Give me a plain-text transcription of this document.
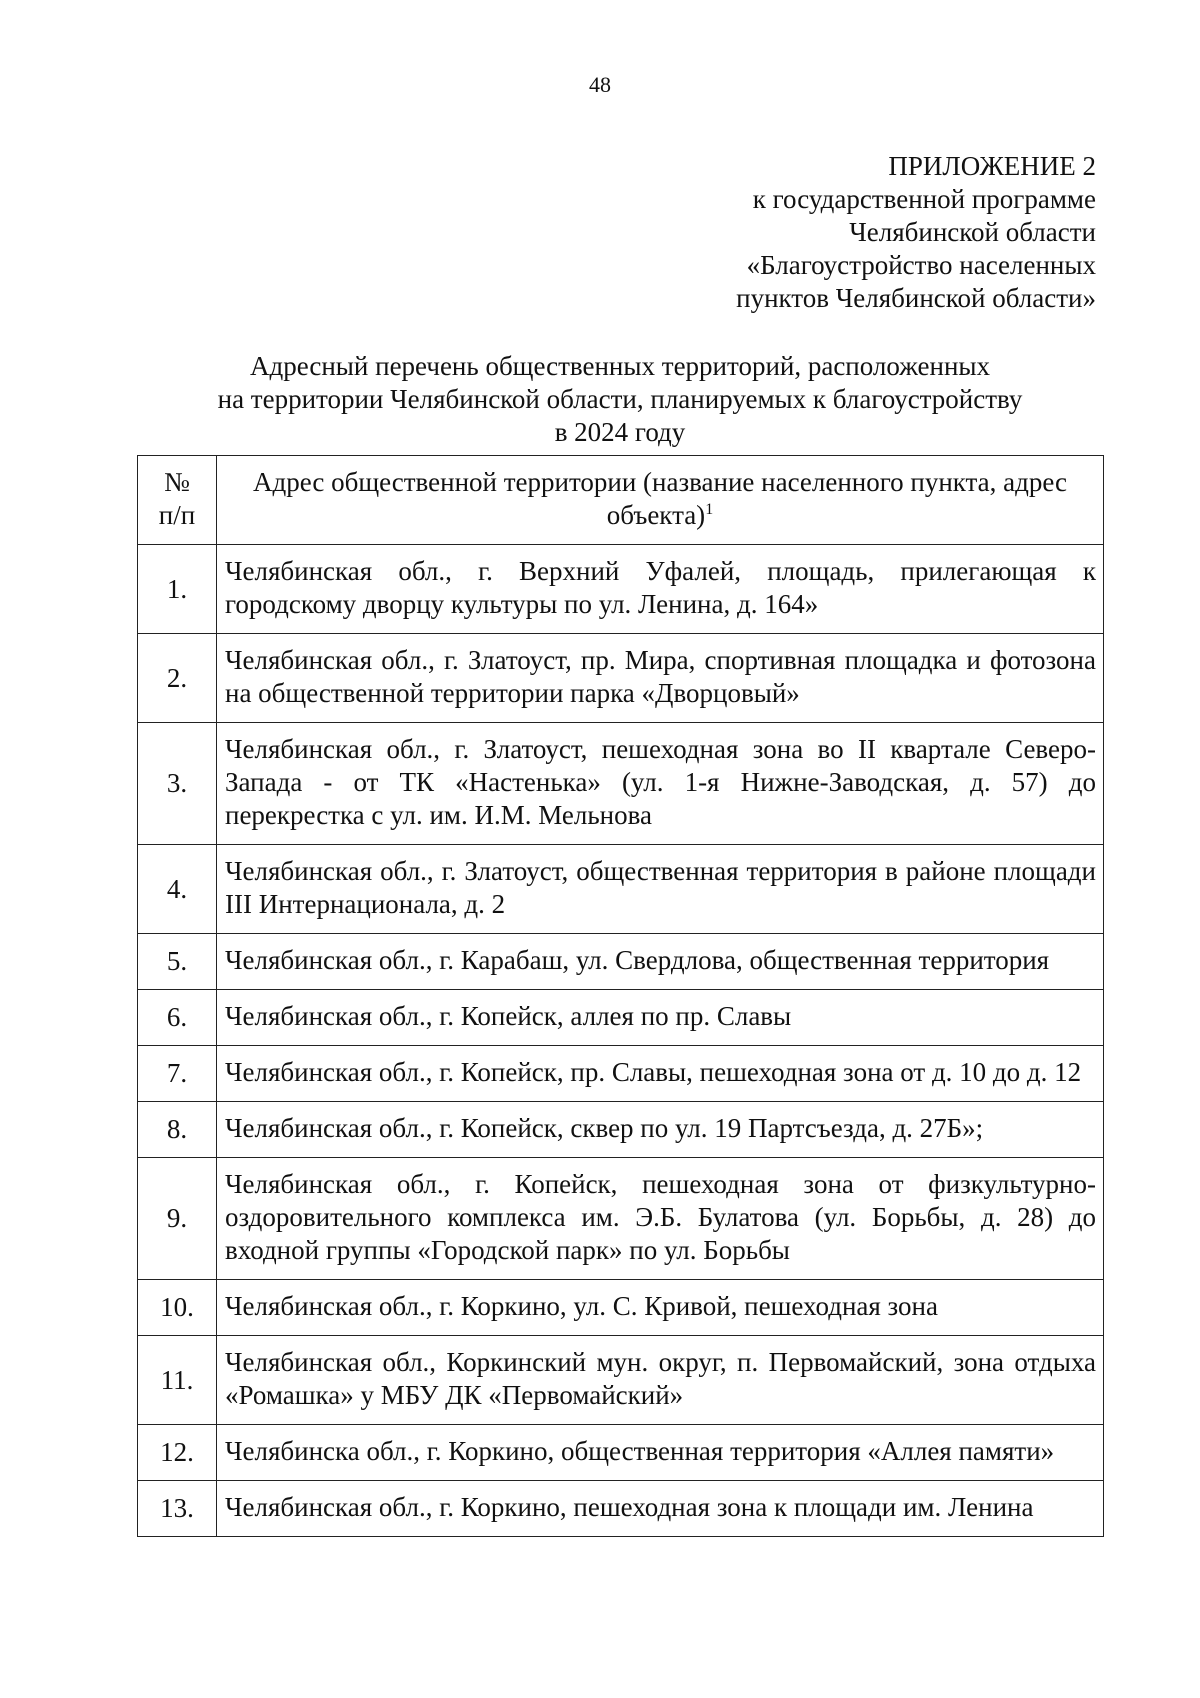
48
ПРИЛОЖЕНИЕ 2
к государственной программе
Челябинской области
«Благоустройство населенных
пунктов Челябинской области»
Адресный перечень общественных территорий, расположенных
на территории Челябинской области, планируемых к благоустройству
в 2024 году
№
п/п	Адрес общественной территории (название населенного пункта, адрес объекта)$^1$
1.	Челябинская обл., г. Верхний Уфалей, площадь, прилегающая к городскому дворцу культуры по ул. Ленина, д. 164»
2.	Челябинская обл., г. Златоуст, пр. Мира, спортивная площадка и фотозона на общественной территории парка «Дворцовый»
3.	Челябинская обл., г. Златоуст, пешеходная зона во II квартале Северо-Запада - от ТК «Настенька» (ул. 1-я Нижне-Заводская, д. 57) до перекрестка с ул. им. И.М. Мельнова
4.	Челябинская обл., г. Златоуст, общественная территория в районе площади III Интернационала, д. 2
5.	Челябинская обл., г. Карабаш, ул. Свердлова, общественная территория
6.	Челябинская обл., г. Копейск, аллея по пр. Славы
7.	Челябинская обл., г. Копейск, пр. Славы, пешеходная зона от д. 10 до д. 12
8.	Челябинская обл., г. Копейск, сквер по ул. 19 Партсъезда, д. 27Б»;
9.	Челябинская обл., г. Копейск, пешеходная зона от физкультурно-оздоровительного комплекса им. Э.Б. Булатова (ул. Борьбы, д. 28) до входной группы «Городской парк» по ул. Борьбы
10.	Челябинская обл., г. Коркино, ул. С. Кривой, пешеходная зона
11.	Челябинская обл., Коркинский мун. округ, п. Первомайский, зона отдыха «Ромашка» у МБУ ДК «Первомайский»
12.	Челябинска обл., г. Коркино, общественная территория «Аллея памяти»
13.	Челябинская обл., г. Коркино, пешеходная зона к площади им. Ленина
